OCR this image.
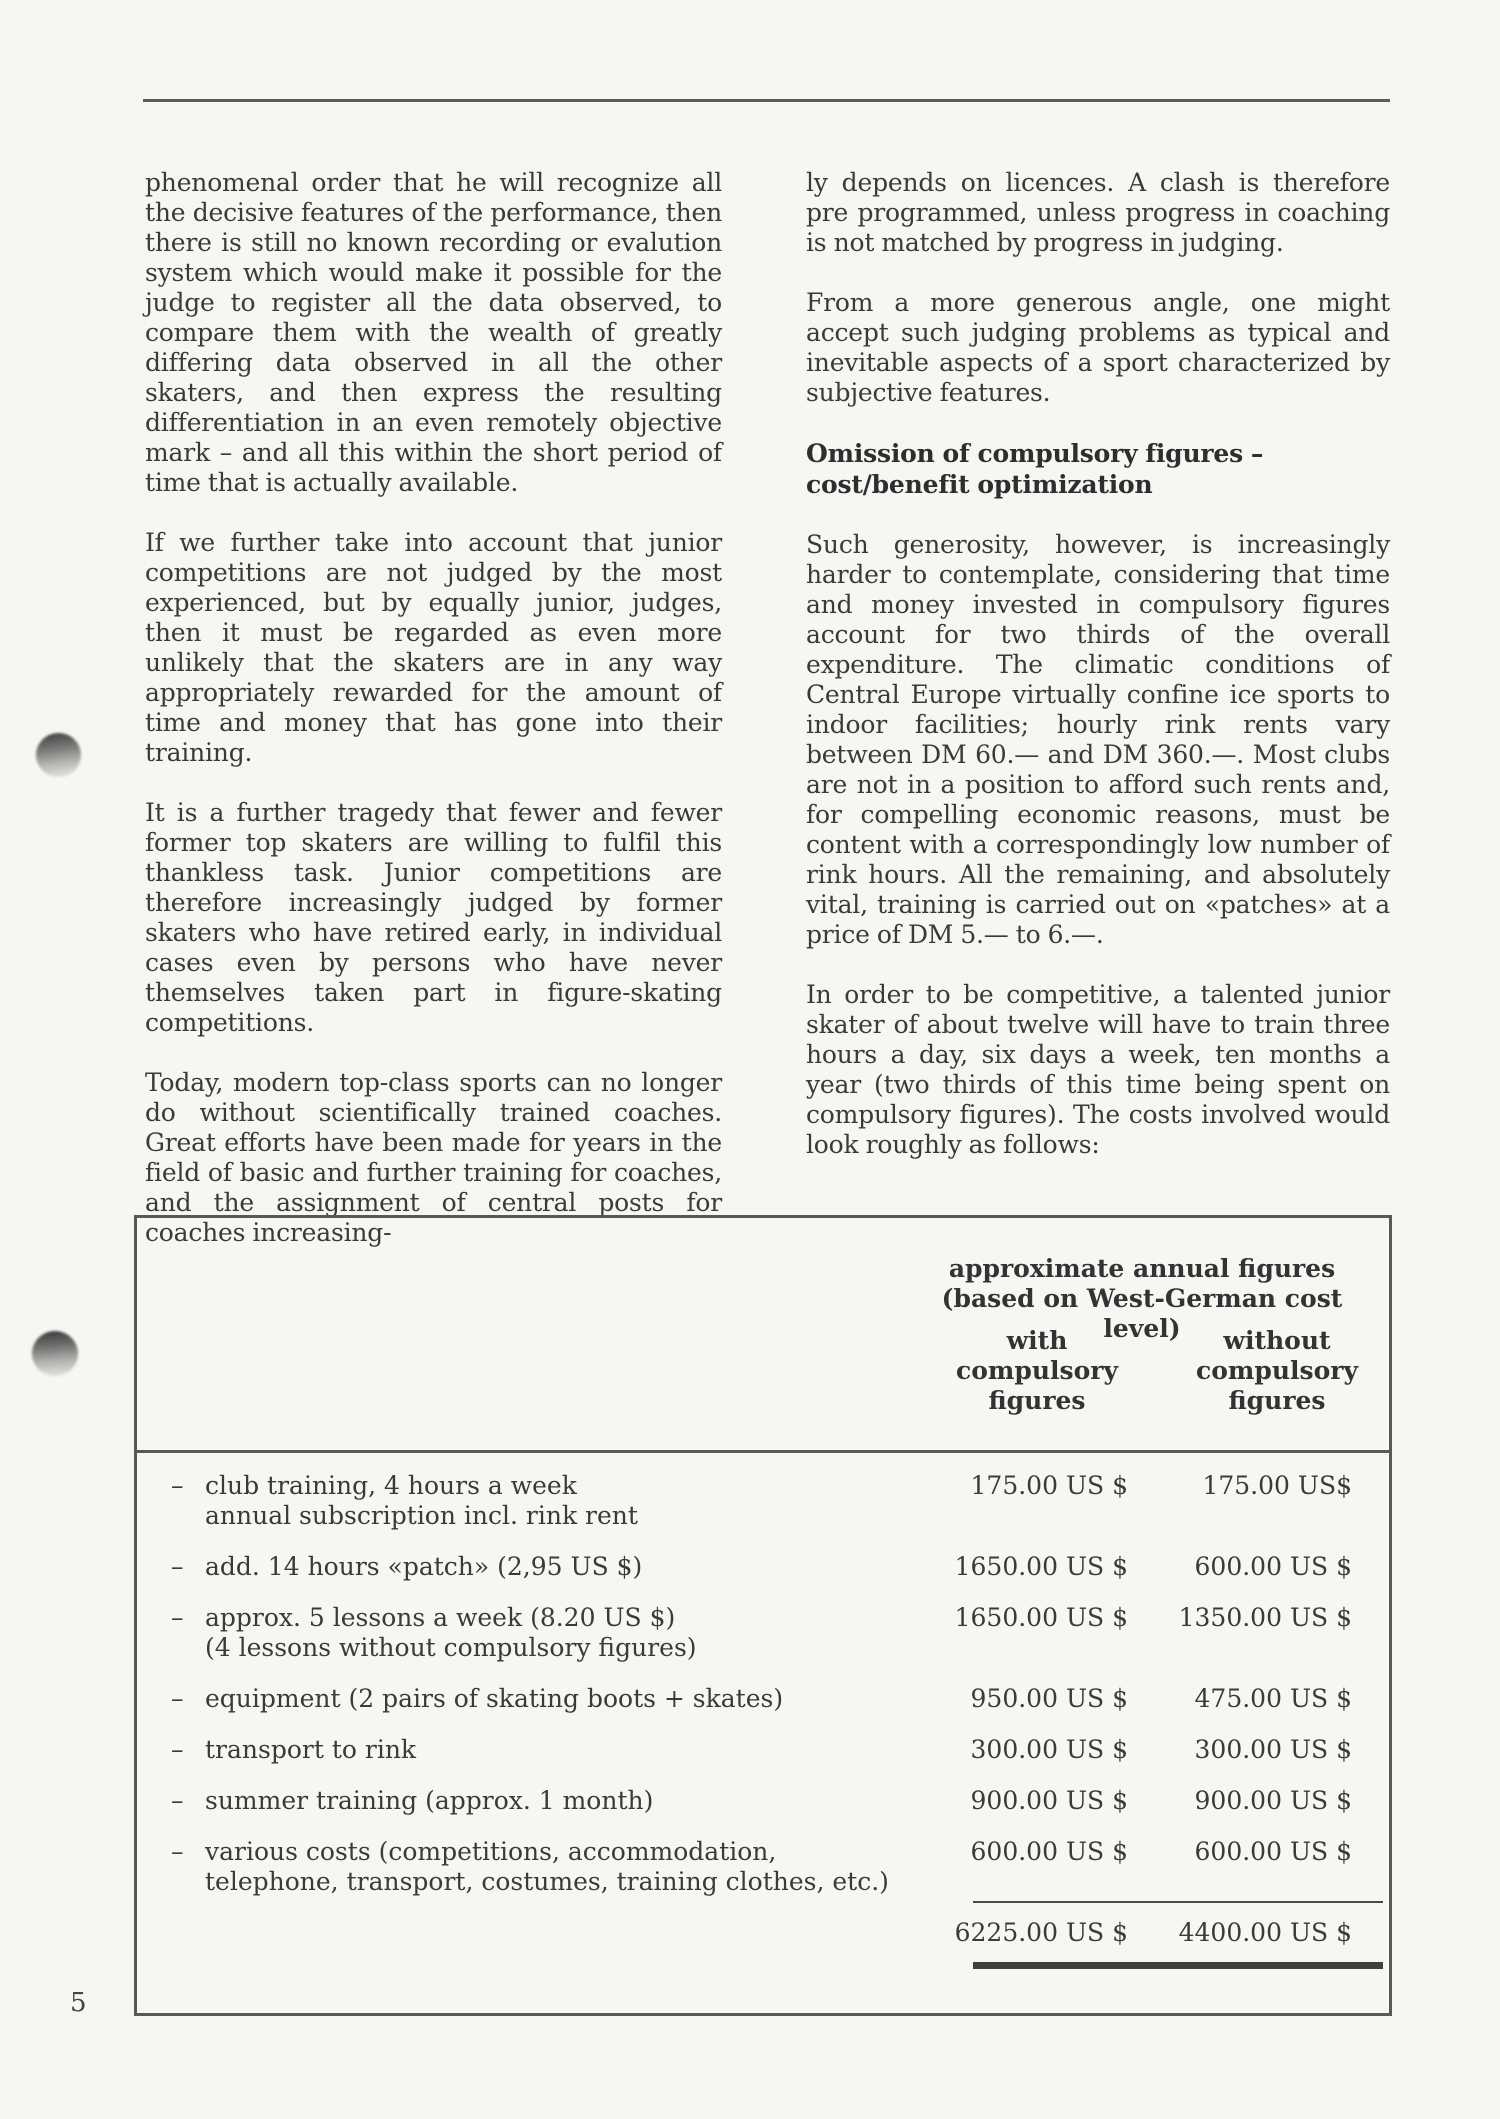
phenomenal order that he will recognize all the decisive features of the performance, then there is still no known recording or evalution system which would make it possible for the judge to register all the data observed, to compare them with the wealth of greatly differing data observed in all the other skaters, and then express the resulting differentiation in an even remotely objective mark – and all this within the short period of time that is actually available.

If we further take into account that junior competitions are not judged by the most experienced, but by equally junior, judges, then it must be regarded as even more unlikely that the skaters are in any way appropriately rewarded for the amount of time and money that has gone into their training.

It is a further tragedy that fewer and fewer former top skaters are willing to fulfil this thankless task. Junior competitions are therefore increasingly judged by former skaters who have retired early, in individual cases even by persons who have never themselves taken part in figure-skating competitions.

Today, modern top-class sports can no longer do without scientifically trained coaches. Great efforts have been made for years in the field of basic and further training for coaches, and the assignment of central posts for coaches increasing-

ly depends on licences. A clash is therefore pre programmed, unless progress in coaching is not matched by progress in judging.

From a more generous angle, one might accept such judging problems as typical and inevitable aspects of a sport characterized by subjective features.

Omission of compulsory figures – cost/benefit optimization

Such generosity, however, is increasingly harder to contemplate, considering that time and money invested in compulsory figures account for two thirds of the overall expenditure. The climatic conditions of Central Europe virtually confine ice sports to indoor facilities; hourly rink rents vary between DM 60.— and DM 360.—. Most clubs are not in a position to afford such rents and, for compelling economic reasons, must be content with a correspondingly low number of rink hours. All the remaining, and absolutely vital, training is carried out on «patches» at a price of DM 5.— to 6.—.

In order to be competitive, a talented junior skater of about twelve will have to train three hours a day, six days a week, ten months a year (two thirds of this time being spent on compulsory figures). The costs involved would look roughly as follows:

approximate annual figures
(based on West-German cost level)
with
compulsory
figures
without
compulsory
figures
– club training, 4 hours a week
annual subscription incl. rink rent
175.00 US $	175.00 US$
– add. 14 hours «patch» (2,95 US $)	1650.00 US $	600.00 US $
– approx. 5 lessons a week (8.20 US $)
(4 lessons without compulsory figures)
1650.00 US $ 1350.00 US $
– equipment (2 pairs of skating boots + skates)	950.00 US $	475.00 US $
– transport to rink	300.00 US $	300.00 US $
– summer training (approx. 1 month)	900.00 US $	900.00 US $
– various costs (competitions, accommodation,
telephone, transport, costumes, training clothes, etc.)
600.00 US $	600.00 US $
6225.00 US $ 4400.00 US $
5
